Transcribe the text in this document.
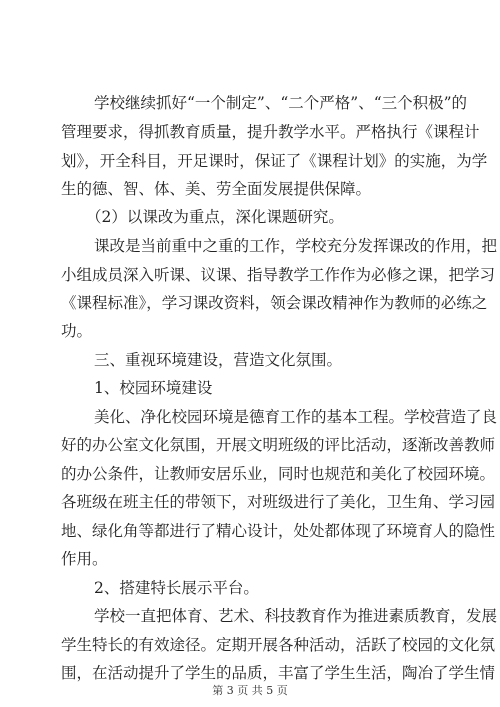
学校继续抓好“一个制定”、“二个严格”、“三个积极”的
管理要求，得抓教育质量，提升教学水平。严格执行《课程计
划》，开全科目，开足课时，保证了《课程计划》的实施，为学
生的德、智、体、美、劳全面发展提供保障。
（2）以课改为重点，深化课题研究。
课改是当前重中之重的工作，学校充分发挥课改的作用，把
小组成员深入听课、议课、指导教学工作作为必修之课，把学习
《课程标准》，学习课改资料，领会课改精神作为教师的必练之
功。
三、重视环境建设，营造文化氛围。
1、校园环境建设
美化、净化校园环境是德育工作的基本工程。学校营造了良
好的办公室文化氛围，开展文明班级的评比活动，逐渐改善教师
的办公条件，让教师安居乐业，同时也规范和美化了校园环境。
各班级在班主任的带领下，对班级进行了美化，卫生角、学习园
地、绿化角等都进行了精心设计，处处都体现了环境育人的隐性
作用。
2、搭建特长展示平台。
学校一直把体育、艺术、科技教育作为推进素质教育，发展
学生特长的有效途径。定期开展各种活动，活跃了校园的文化氛
围，在活动提升了学生的品质，丰富了学生生活，陶冶了学生情
第 3 页 共 5 页
